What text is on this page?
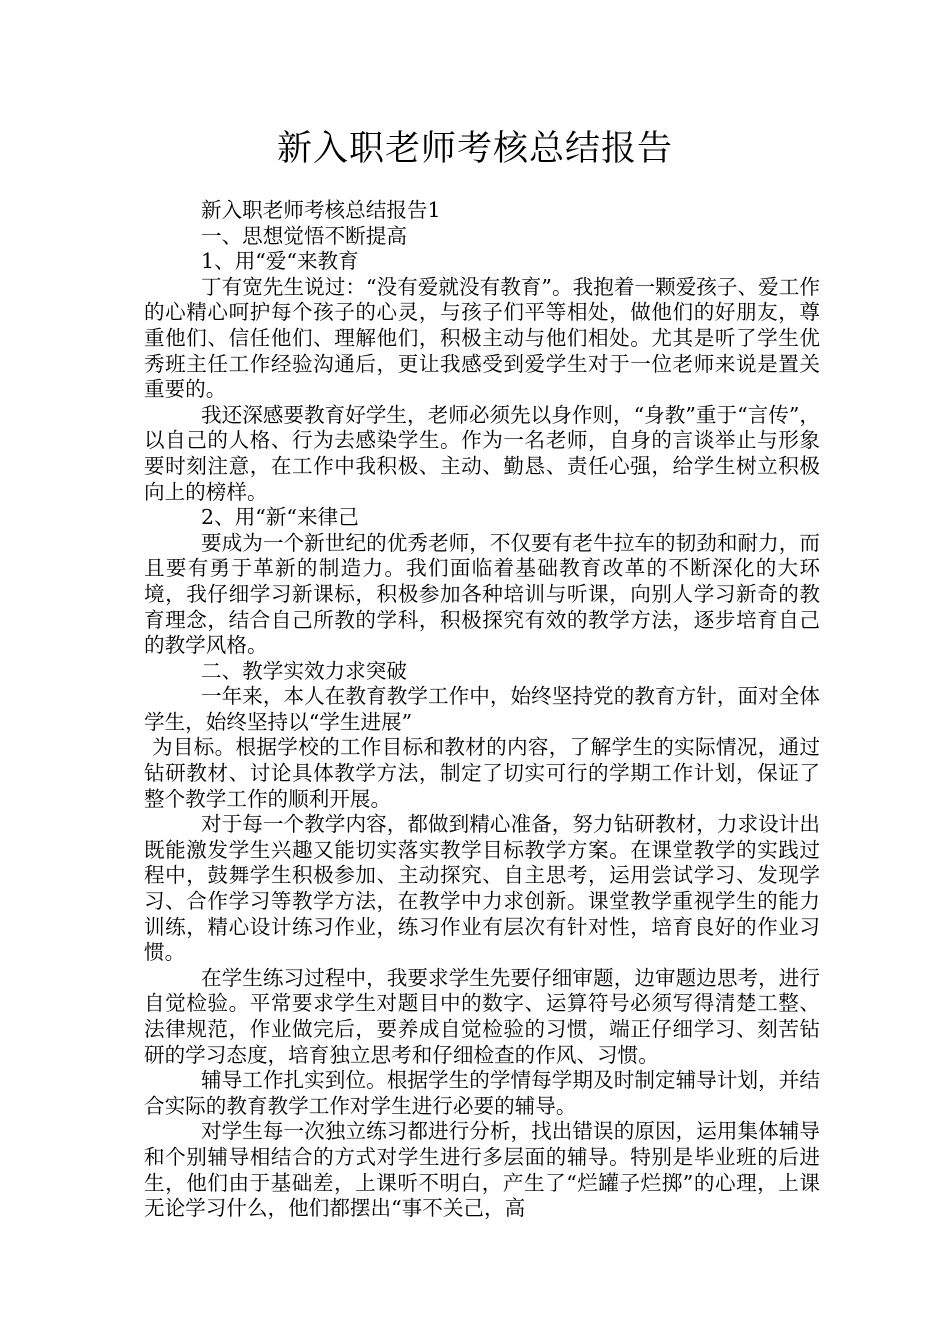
新入职老师考核总结报告

新入职老师考核总结报告1

一、思想觉悟不断提高

1、用“爱“来教育

丁有宽先生说过：“没有爱就没有教育”。我抱着一颗爱孩子、爱工作的心精心呵护每个孩子的心灵，与孩子们平等相处，做他们的好朋友，尊重他们、信任他们、理解他们，积极主动与他们相处。尤其是听了学生优秀班主任工作经验沟通后，更让我感受到爱学生对于一位老师来说是置关重要的。

我还深感要教育好学生，老师必须先以身作则，“身教”重于“言传”，以自己的人格、行为去感染学生。作为一名老师，自身的言谈举止与形象要时刻注意，在工作中我积极、主动、勤恳、责任心强，给学生树立积极向上的榜样。

2、用“新“来律己

要成为一个新世纪的优秀老师，不仅要有老牛拉车的韧劲和耐力，而且要有勇于革新的制造力。我们面临着基础教育改革的不断深化的大环境，我仔细学习新课标，积极参加各种培训与听课，向别人学习新奇的教育理念，结合自己所教的学科，积极探究有效的教学方法，逐步培育自己的教学风格。

二、教学实效力求突破

一年来，本人在教育教学工作中，始终坚持党的教育方针，面对全体学生，始终坚持以“学生进展”

为目标。根据学校的工作目标和教材的内容，了解学生的实际情况，通过钻研教材、讨论具体教学方法，制定了切实可行的学期工作计划，保证了整个教学工作的顺利开展。

对于每一个教学内容，都做到精心准备，努力钻研教材，力求设计出既能激发学生兴趣又能切实落实教学目标教学方案。在课堂教学的实践过程中，鼓舞学生积极参加、主动探究、自主思考，运用尝试学习、发现学习、合作学习等教学方法，在教学中力求创新。课堂教学重视学生的能力训练，精心设计练习作业，练习作业有层次有针对性，培育良好的作业习惯。

在学生练习过程中，我要求学生先要仔细审题，边审题边思考，进行自觉检验。平常要求学生对题目中的数字、运算符号必须写得清楚工整、法律规范，作业做完后，要养成自觉检验的习惯，端正仔细学习、刻苦钻研的学习态度，培育独立思考和仔细检查的作风、习惯。

辅导工作扎实到位。根据学生的学情每学期及时制定辅导计划，并结合实际的教育教学工作对学生进行必要的辅导。

对学生每一次独立练习都进行分析，找出错误的原因，运用集体辅导和个别辅导相结合的方式对学生进行多层面的辅导。特别是毕业班的后进生，他们由于基础差，上课听不明白，产生了“烂罐子烂掷”的心理，上课无论学习什么，他们都摆出“事不关己，高
